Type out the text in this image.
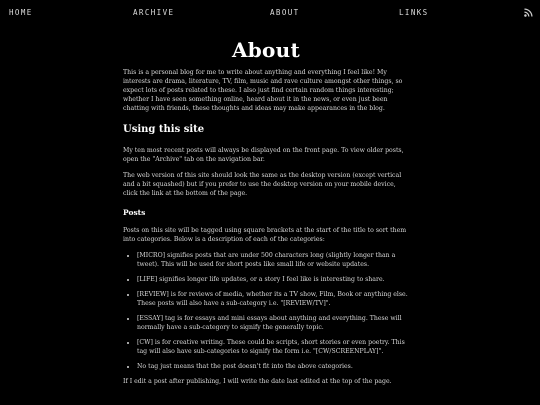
HOME	ARCHIVE	ABOUT	LINKS
About

This is a personal blog for me to write about anything and everything I feel like! My interests are drama, literature, TV, film, music and rave culture amongst other things, so expect lots of posts related to these. I also just find certain random things interesting; whether I have seen something online, heard about it in the news, or even just been chatting with friends, these thoughts and ideas may make appearances in the blog.

Using this site

My ten most recent posts will always be displayed on the front page. To view older posts, open the "Archive" tab on the navigation bar.

The web version of this site should look the same as the desktop version (except vertical and a bit squashed) but if you prefer to use the desktop version on your mobile device, click the link at the bottom of the page.

Posts

Posts on this site will be tagged using square brackets at the start of the title to sort them into categories. Below is a description of each of the categories:

• [MICRO] signifies posts that are under 500 characters long (slightly longer than a tweet). This will be used for short posts like small life or website updates.
• [LIFE] signifies longer life updates, or a story I feel like is interesting to share.
• [REVIEW] is for reviews of media, whether its a TV show, Film, Book or anything else. These posts will also have a sub-category i.e. "[REVIEW/TV]".
• [ESSAY] tag is for essays and mini essays about anything and everything. These will normally have a sub-category to signify the generally topic.
• [CW] is for creative writing. These could be scripts, short stories or even poetry. This tag will also have sub-categories to signify the form i.e. "[CW/SCREENPLAY]".
• No tag just means that the post doesn't fit into the above categories.

If I edit a post after publishing, I will write the date last edited at the top of the page.
